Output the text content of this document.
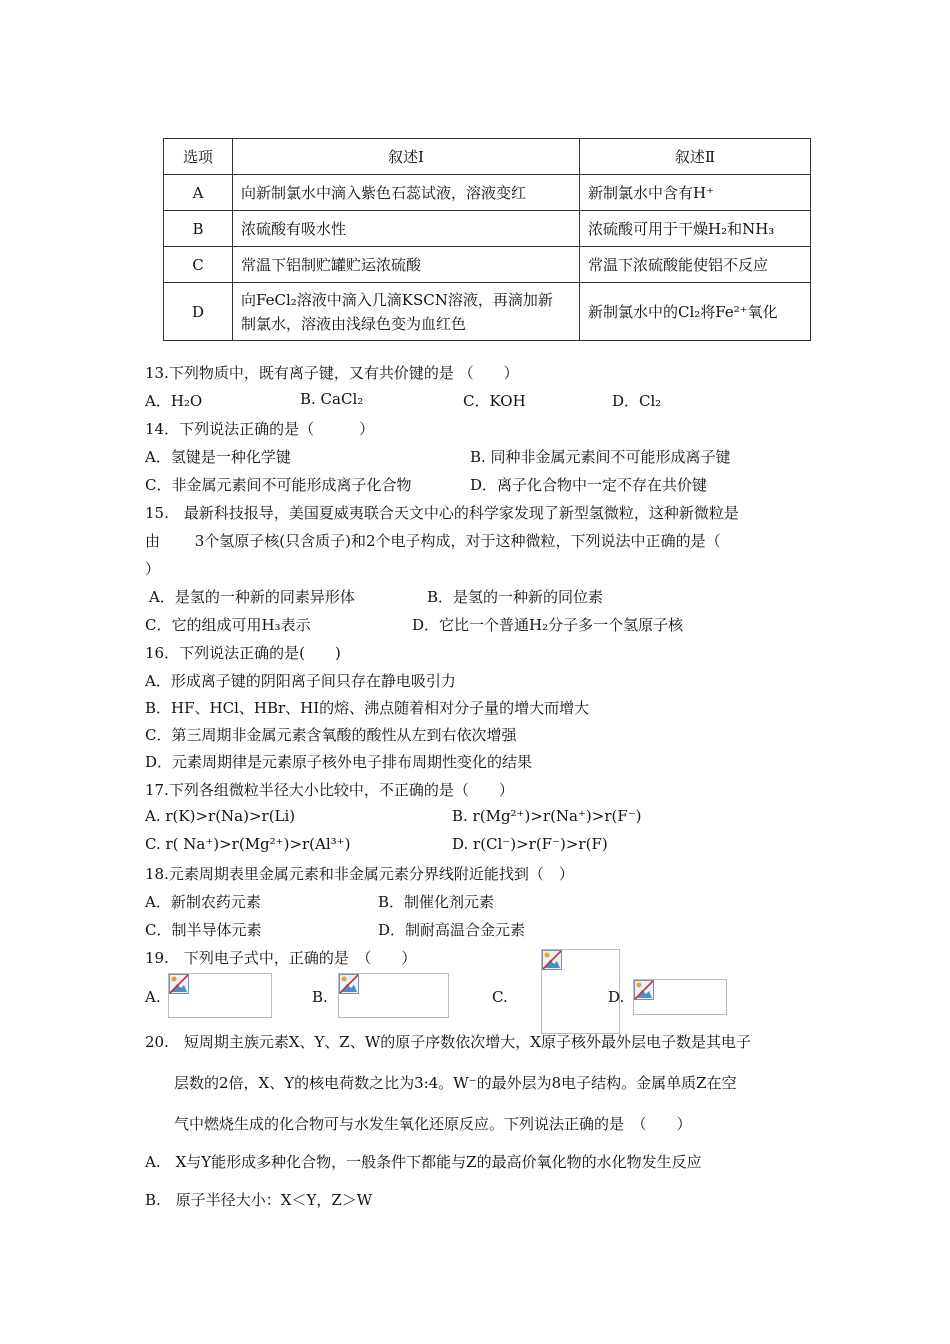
选项	叙述Ⅰ	叙述Ⅱ
A	向新制氯水中滴入紫色石蕊试液，溶液变红	新制氯水中含有H⁺
B	浓硫酸有吸水性	浓硫酸可用于干燥H₂和NH₃
C	常温下铝制贮罐贮运浓硫酸	常温下浓硫酸能使铝不反应
D	向FeCl₂溶液中滴入几滴KSCN溶液，再滴加新
制氯水，溶液由浅绿色变为血红色	新制氯水中的Cl₂将Fe²⁺氧化
13.下列物质中，既有离子键，又有共价键的是 （　　）
A．H₂O	B. CaCl₂	C．KOH	D．Cl₂
14．下列说法正确的是（　　　）
A．氢键是一种化学键	B. 同种非金属元素间不可能形成离子键
C．非金属元素间不可能形成离子化合物	D．离子化合物中一定不存在共价键
15.　最新科技报导，美国夏威夷联合天文中心的科学家发现了新型氢微粒，这种新微粒是
由　　 3个氢原子核(只含质子)和2个电子构成，对于这种微粒，下列说法中正确的是（
）
A．是氢的一种新的同素异形体	B．是氢的一种新的同位素
C．它的组成可用H₃表示	D．它比一个普通H₂分子多一个氢原子核
16．下列说法正确的是(　　)
A．形成离子键的阴阳离子间只存在静电吸引力
B．HF、HCl、HBr、HI的熔、沸点随着相对分子量的增大而增大
C．第三周期非金属元素含氧酸的酸性从左到右依次增强
D．元素周期律是元素原子核外电子排布周期性变化的结果
17.下列各组微粒半径大小比较中，不正确的是（　　）
A. r(K)>r(Na)>r(Li)	B. r(Mg²⁺)>r(Na⁺)>r(F⁻)
C. r( Na⁺)>r(Mg²⁺)>r(Al³⁺)	D. r(Cl⁻)>r(F⁻)>r(F)
18.元素周期表里金属元素和非金属元素分界线附近能找到（　）
A．新制农药元素	B．制催化剂元素
C．制半导体元素	D．制耐高温合金元素
19.　下列电子式中，正确的是　（　　）
A.	B.	C.	D.
20.　短周期主族元素X、Y、Z、W的原子序数依次增大，X原子核外最外层电子数是其电子
层数的2倍，X、Y的核电荷数之比为3:4。W⁻的最外层为8电子结构。金属单质Z在空
气中燃烧生成的化合物可与水发生氧化还原反应。下列说法正确的是　（　　）
A.　X与Y能形成多种化合物，一般条件下都能与Z的最高价氧化物的水化物发生反应
B.　原子半径大小：X＜Y，Z＞W
